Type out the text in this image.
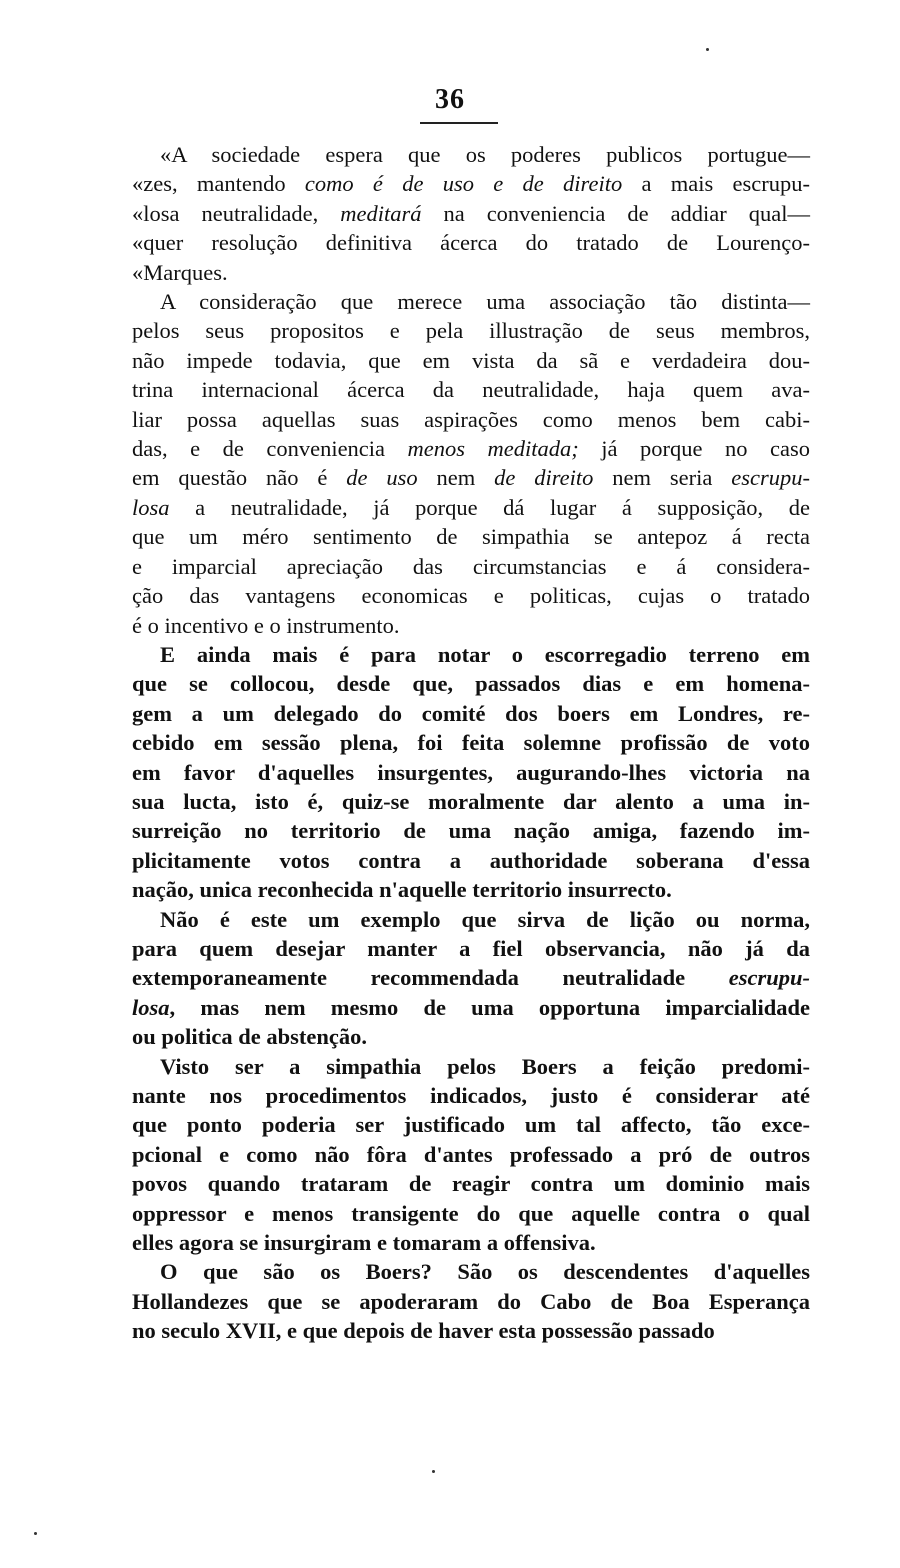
36
«A sociedade espera que os poderes publicos portugue—
«zes, mantendo como é de uso e de direito a mais escrupu-
«losa neutralidade, meditará na conveniencia de addiar qual—
«quer resolução definitiva ácerca do tratado de Lourenço-
«Marques.
A consideração que merece uma associação tão distinta—
pelos seus propositos e pela illustração de seus membros,
não impede todavia, que em vista da sã e verdadeira dou-
trina internacional ácerca da neutralidade, haja quem ava-
liar possa aquellas suas aspirações como menos bem cabi-
das, e de conveniencia menos meditada; já porque no caso
em questão não é de uso nem de direito nem seria escrupu-
losa a neutralidade, já porque dá lugar á supposição, de
que um méro sentimento de simpathia se antepoz á recta
e imparcial apreciação das circumstancias e á considera-
ção das vantagens economicas e politicas, cujas o tratado
é o incentivo e o instrumento.
E ainda mais é para notar o escorregadio terreno em
que se collocou, desde que, passados dias e em homena-
gem a um delegado do comité dos boers em Londres, re-
cebido em sessão plena, foi feita solemne profissão de voto
em favor d'aquelles insurgentes, augurando-lhes victoria na
sua lucta, isto é, quiz-se moralmente dar alento a uma in-
surreição no territorio de uma nação amiga, fazendo im-
plicitamente votos contra a authoridade soberana d'essa
nação, unica reconhecida n'aquelle territorio insurrecto.
Não é este um exemplo que sirva de lição ou norma,
para quem desejar manter a fiel observancia, não já da
extemporaneamente recommendada neutralidade escrupu-
losa, mas nem mesmo de uma opportuna imparcialidade
ou politica de abstenção.
Visto ser a simpathia pelos Boers a feição predomi-
nante nos procedimentos indicados, justo é considerar até
que ponto poderia ser justificado um tal affecto, tão exce-
pcional e como não fôra d'antes professado a pró de outros
povos quando trataram de reagir contra um dominio mais
oppressor e menos transigente do que aquelle contra o qual
elles agora se insurgiram e tomaram a offensiva.
O que são os Boers? São os descendentes d'aquelles
Hollandezes que se apoderaram do Cabo de Boa Esperança
no seculo XVII, e que depois de haver esta possessão passado
